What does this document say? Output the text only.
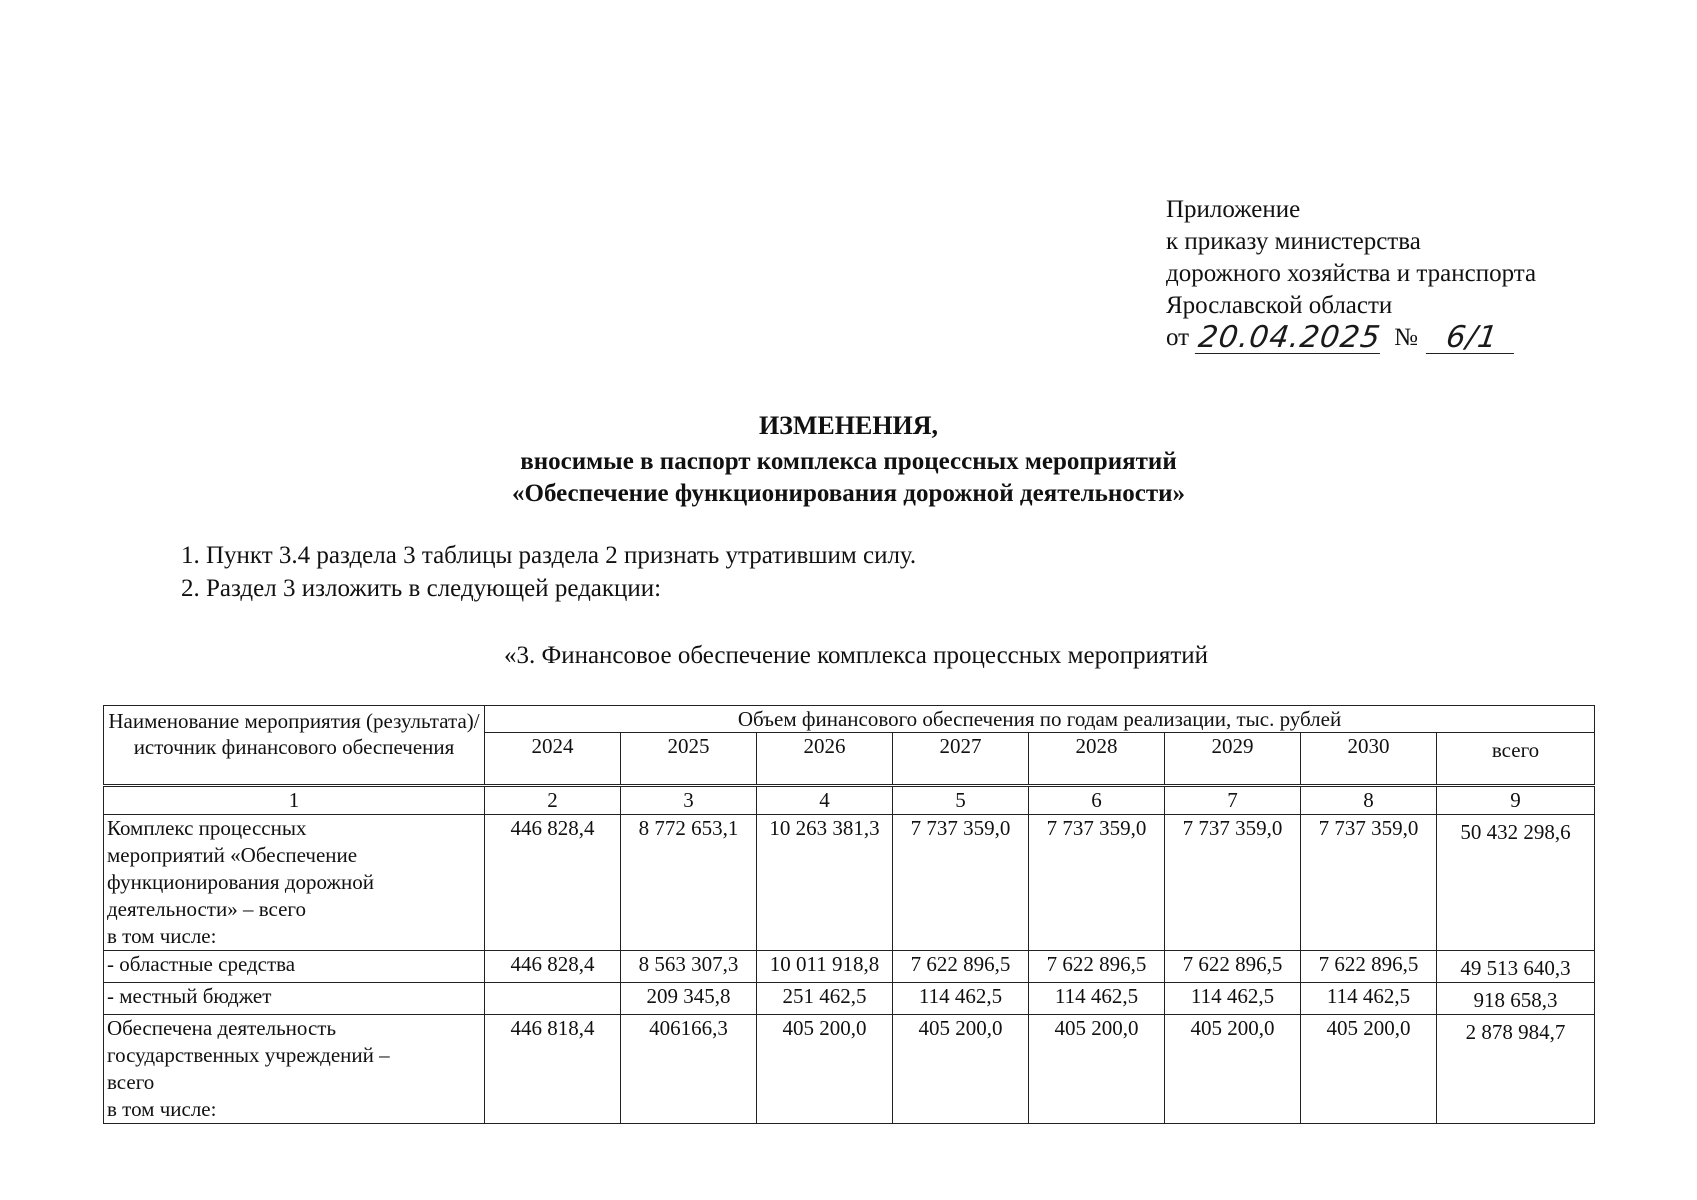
Приложение
к приказу министерства
дорожного хозяйства и транспорта
Ярославской области
от 20.04.2025 № 6/1
ИЗМЕНЕНИЯ,
вносимые в паспорт комплекса процессных мероприятий
«Обеспечение функционирования дорожной деятельности»
1. Пункт 3.4 раздела 3 таблицы раздела 2 признать утратившим силу.
2. Раздел 3 изложить в следующей редакции:
«3. Финансовое обеспечение комплекса процессных мероприятий
Наименование мероприятия (результата)/ источник финансового обеспечения	Объем финансового обеспечения по годам реализации, тыс. рублей							
	2024	2025	2026	2027	2028	2029	2030	всего
1	2	3	4	5	6	7	8	9

Комплекс процессных
мероприятий «Обеспечение
функционирования дорожной
деятельности» – всего
в том числе:	446 828,4	8 772 653,1	10 263 381,3	7 737 359,0	7 737 359,0	7 737 359,0	7 737 359,0	50 432 298,6

- областные средства	446 828,4	8 563 307,3	10 011 918,8	7 622 896,5	7 622 896,5	7 622 896,5	7 622 896,5	49 513 640,3

- местный бюджет		209 345,8	251 462,5	114 462,5	114 462,5	114 462,5	114 462,5	918 658,3

Обеспечена деятельность
государственных учреждений –
всего
в том числе:	446 818,4	406166,3	405 200,0	405 200,0	405 200,0	405 200,0	405 200,0	2 878 984,7
